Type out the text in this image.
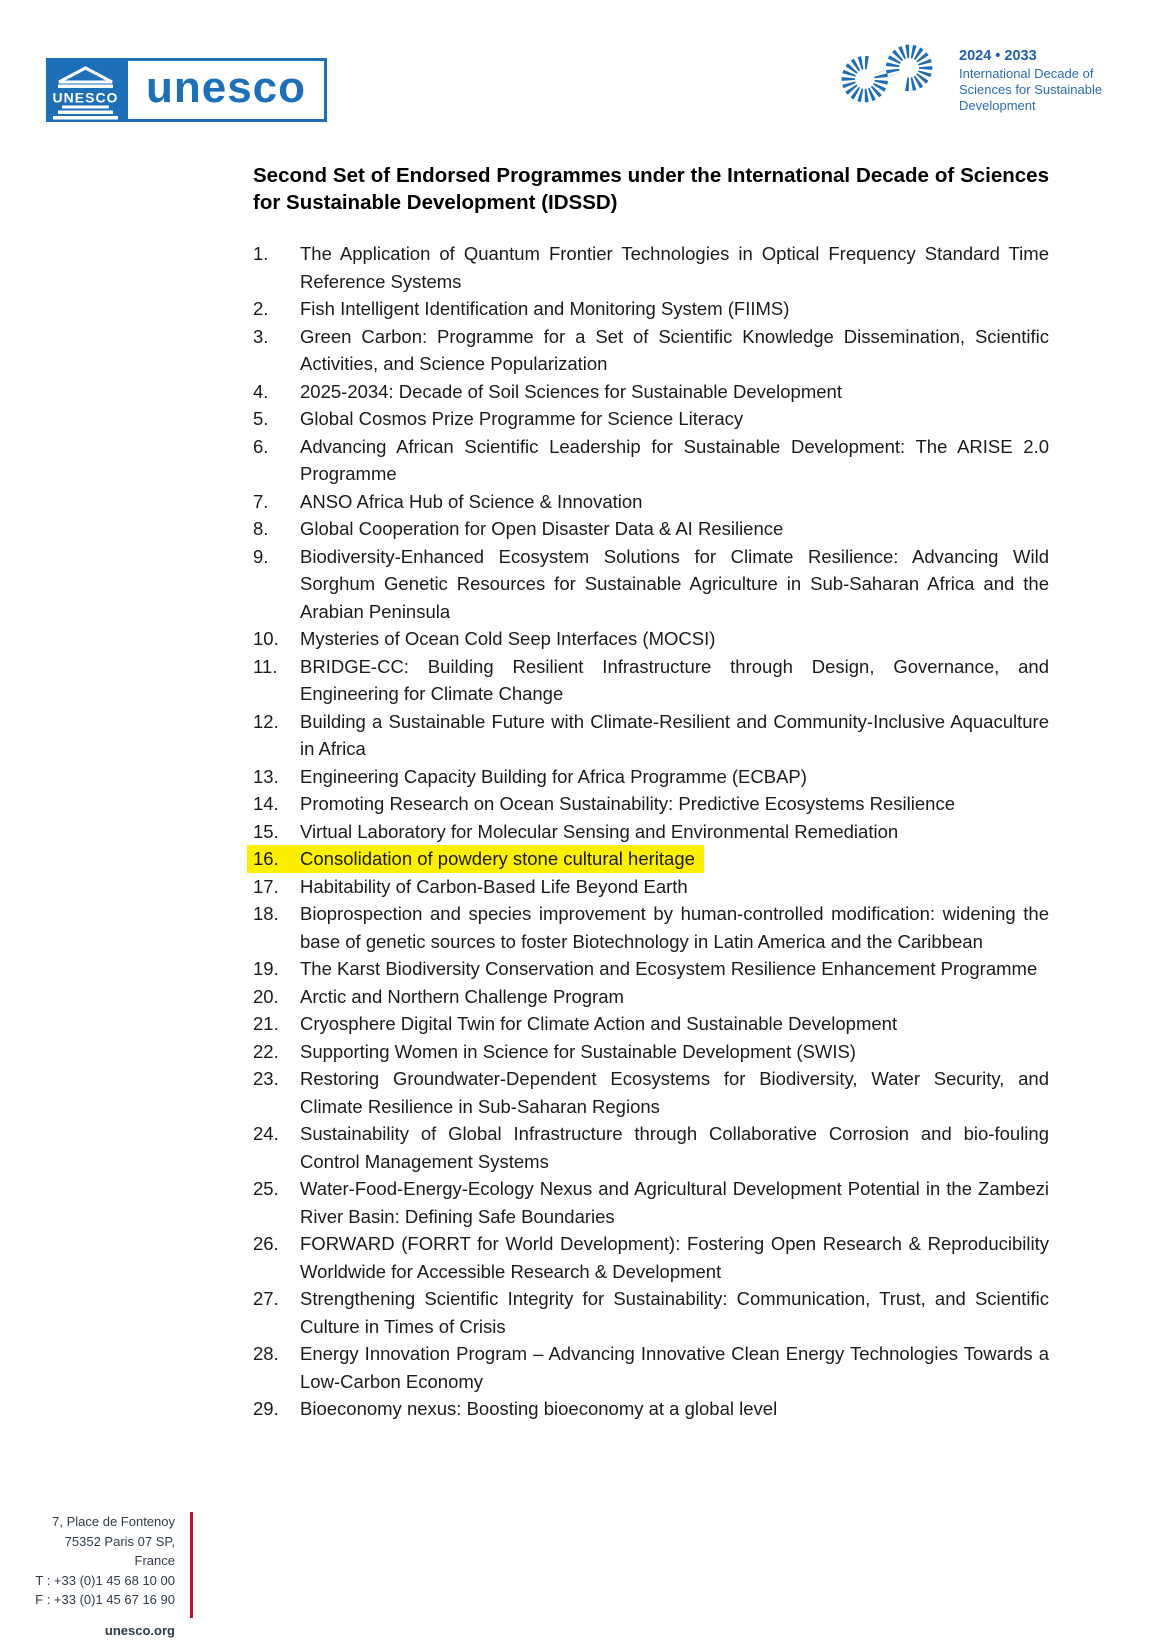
UNESCO unesco
2024 • 2033
International Decade of
Sciences for Sustainable
Development
Second Set of Endorsed Programmes under the International Decade of Sciences for Sustainable Development (IDSSD)
1. The Application of Quantum Frontier Technologies in Optical Frequency Standard Time Reference Systems
2. Fish Intelligent Identification and Monitoring System (FIIMS)
3. Green Carbon: Programme for a Set of Scientific Knowledge Dissemination, Scientific Activities, and Science Popularization
4. 2025-2034: Decade of Soil Sciences for Sustainable Development
5. Global Cosmos Prize Programme for Science Literacy
6. Advancing African Scientific Leadership for Sustainable Development: The ARISE 2.0 Programme
7. ANSO Africa Hub of Science & Innovation
8. Global Cooperation for Open Disaster Data & AI Resilience
9. Biodiversity-Enhanced Ecosystem Solutions for Climate Resilience: Advancing Wild Sorghum Genetic Resources for Sustainable Agriculture in Sub-Saharan Africa and the Arabian Peninsula
10. Mysteries of Ocean Cold Seep Interfaces (MOCSI)
11. BRIDGE-CC: Building Resilient Infrastructure through Design, Governance, and Engineering for Climate Change
12. Building a Sustainable Future with Climate-Resilient and Community-Inclusive Aquaculture in Africa
13. Engineering Capacity Building for Africa Programme (ECBAP)
14. Promoting Research on Ocean Sustainability: Predictive Ecosystems Resilience
15. Virtual Laboratory for Molecular Sensing and Environmental Remediation
16. Consolidation of powdery stone cultural heritage
17. Habitability of Carbon-Based Life Beyond Earth
18. Bioprospection and species improvement by human-controlled modification: widening the base of genetic sources to foster Biotechnology in Latin America and the Caribbean
19. The Karst Biodiversity Conservation and Ecosystem Resilience Enhancement Programme
20. Arctic and Northern Challenge Program
21. Cryosphere Digital Twin for Climate Action and Sustainable Development
22. Supporting Women in Science for Sustainable Development (SWIS)
23. Restoring Groundwater-Dependent Ecosystems for Biodiversity, Water Security, and Climate Resilience in Sub-Saharan Regions
24. Sustainability of Global Infrastructure through Collaborative Corrosion and bio-fouling Control Management Systems
25. Water-Food-Energy-Ecology Nexus and Agricultural Development Potential in the Zambezi River Basin: Defining Safe Boundaries
26. FORWARD (FORRT for World Development): Fostering Open Research & Reproducibility Worldwide for Accessible Research & Development
27. Strengthening Scientific Integrity for Sustainability: Communication, Trust, and Scientific Culture in Times of Crisis
28. Energy Innovation Program – Advancing Innovative Clean Energy Technologies Towards a Low-Carbon Economy
29. Bioeconomy nexus: Boosting bioeconomy at a global level
7, Place de Fontenoy
75352 Paris 07 SP, France
T : +33 (0)1 45 68 10 00
F : +33 (0)1 45 67 16 90
unesco.org
